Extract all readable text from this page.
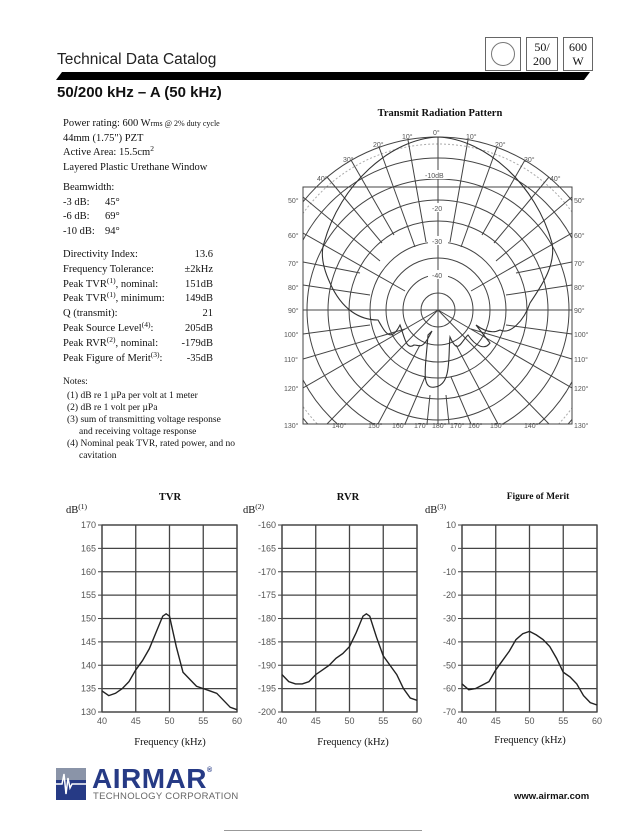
Technical Data Catalog
50/
200
600
W
50/200 kHz – A (50 kHz)
Power rating: 600 Wrms @ 2% duty cycle
44mm (1.75") PZT
Active Area: $15.5cm^2$
Layered Plastic Urethane Window
Beamwidth:
-3 dB:	45°
-6 dB:	69°
-10 dB: 94°
Directivity Index:	13.6
Frequency Tolerance:	±2kHz
Peak TVR$^{(1)}$, nominal:	151dB
Peak TVR$^{(1)}$, minimum: 149dB
Q (transmit):	21
Peak Source Level$^{(4)}$:	205dB
Peak RVR$^{(2)}$, nominal: -179dB
Peak Figure of Merit$^{(3)}$: -35dB
Notes:
(1) dB re 1 µPa per volt at 1 meter
(2) dB re 1 volt per µPa
(3) sum of transmitting voltage response
and receiving voltage response
(4) Nominal peak TVR, rated power, and no
cavitation
Transmit Radiation Pattern
-10dB
-20
-30
-40
0°
10°	10°
20°	20°
30°	30°
40°	40°
50°	50°
60°	60°
70°	70°
80°	80°
90°	90°
100°	100°
110°	110°
120°	120°
130°	130°
140°	140°
150°	150°
160°	160°
170°	170°
180°
TVR
$dB^{(1)}$
130
135
140
145
150
155
160
165
170
40	45	50	55	60
Frequency (kHz)
RVR
$dB^{(2)}$
-200
-195
-190
-185
-180
-175
-170
-165
-160
40	45	50	55	60
Frequency (kHz)
Figure of Merit
$dB^{(3)}$
-70
-60
-50
-40
-30
-20
-10
0
10
40	45	50	55	60
Frequency (kHz)
AIRMAR®
TECHNOLOGY CORPORATION	www.airmar.com
